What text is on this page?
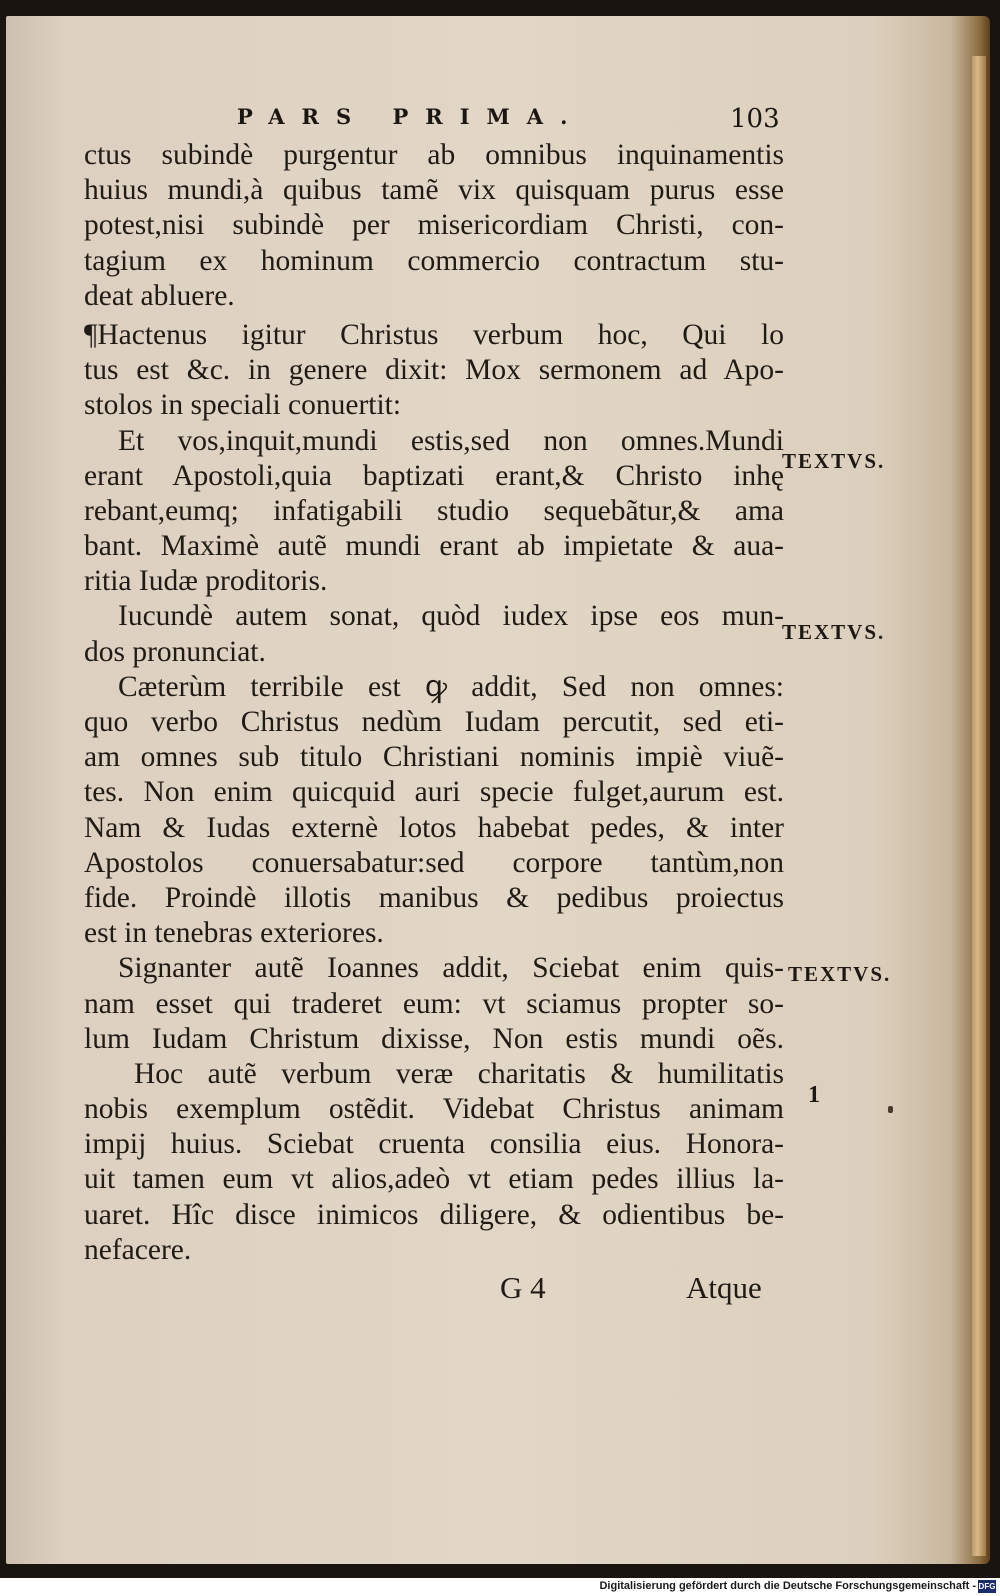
PARS PRIMA.	103
ctus subindè purgentur ab omnibus inquinamentis
huius mundi,à quibus tamẽ vix quisquam purus esse
potest,nisi subindè per misericordiam Christi, con-
tagium ex hominum commercio contractum stu-
deat abluere.
¶Hactenus igitur Christus verbum hoc, Qui lo
tus est &c. in genere dixit: Mox sermonem ad Apo-
stolos in speciali conuertit:
Et vos,inquit,mundi estis,sed non omnes.Mundi
erant Apostoli,quia baptizati erant,& Christo inhę
rebant,eumq; infatigabili studio sequebãtur,& ama
bant. Maximè autẽ mundi erant ab impietate & aua-
ritia Iudæ proditoris.
Iucundè autem sonat, quòd iudex ipse eos mun-
dos pronunciat.
Cæterùm terribile est ꝙ addit, Sed non omnes:
quo verbo Christus nedùm Iudam percutit, sed eti-
am omnes sub titulo Christiani nominis impiè viuẽ-
tes. Non enim quicquid auri specie fulget,aurum est.
Nam & Iudas externè lotos habebat pedes, & inter
Apostolos conuersabatur:sed corpore tantùm,non
fide. Proindè illotis manibus & pedibus proiectus
est in tenebras exteriores.
Signanter autẽ Ioannes addit, Sciebat enim quis-
nam esset qui traderet eum: vt sciamus propter so-
lum Iudam Christum dixisse, Non estis mundi oẽs.
Hoc autẽ verbum veræ charitatis & humilitatis
nobis exemplum ostẽdit. Videbat Christus animam
impij huius. Sciebat cruenta consilia eius. Honora-
uit tamen eum vt alios,adeò vt etiam pedes illius la-
uaret. Hîc disce inimicos diligere, & odientibus be-
nefacere.
TEXTVS.
TEXTVS.
TEXTVS.
1
G 4	Atque
Digitalisierung gefördert durch die Deutsche Forschungsgemeinschaft - DFG
